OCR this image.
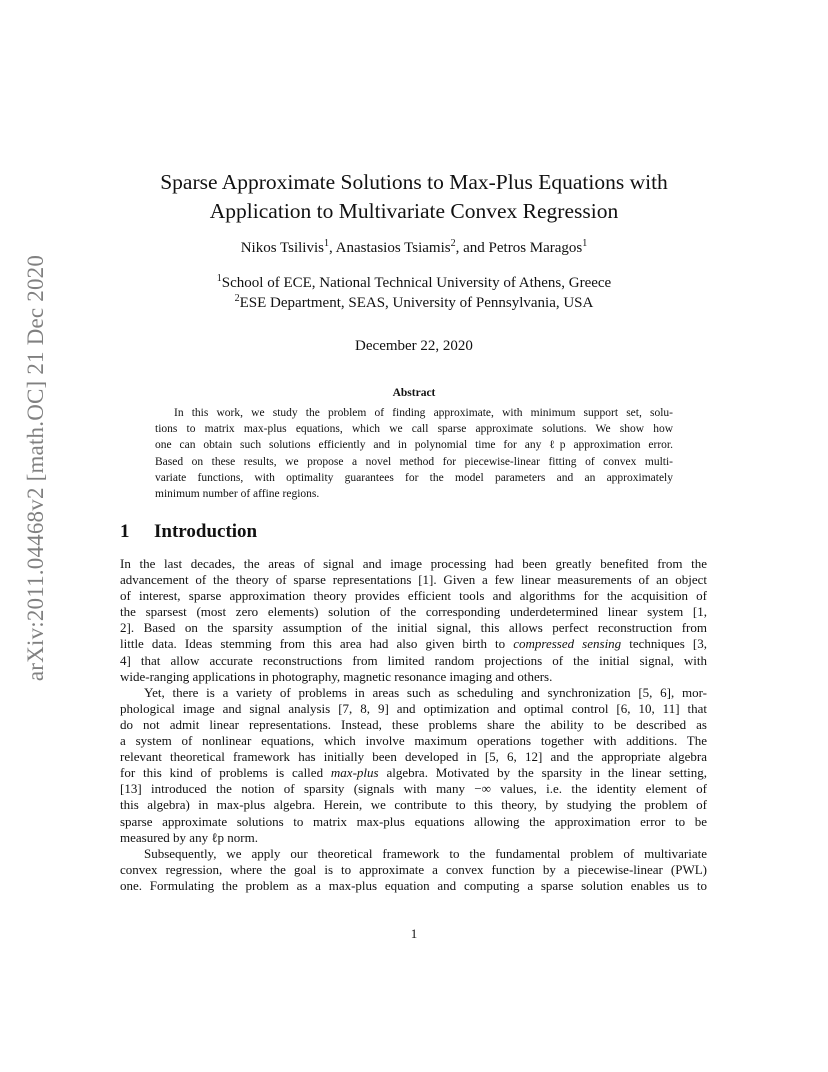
arXiv:2011.04468v2 [math.OC] 21 Dec 2020
Sparse Approximate Solutions to Max-Plus Equations with
Application to Multivariate Convex Regression
Nikos Tsilivis$^1$, Anastasios Tsiamis$^2$, and Petros Maragos$^1$
$^1$School of ECE, National Technical University of Athens, Greece
$^2$ESE Department, SEAS, University of Pennsylvania, USA
December 22, 2020
Abstract
In this work, we study the problem of finding approximate, with minimum support set, solu-
tions to matrix max-plus equations, which we call sparse approximate solutions. We show how
one can obtain such solutions efficiently and in polynomial time for any ℓp approximation error.
Based on these results, we propose a novel method for piecewise-linear fitting of convex multi-
variate functions, with optimality guarantees for the model parameters and an approximately
minimum number of affine regions.
1 Introduction
In the last decades, the areas of signal and image processing had been greatly benefited from the
advancement of the theory of sparse representations [1]. Given a few linear measurements of an object
of interest, sparse approximation theory provides efficient tools and algorithms for the acquisition of
the sparsest (most zero elements) solution of the corresponding underdetermined linear system [1,
2]. Based on the sparsity assumption of the initial signal, this allows perfect reconstruction from
little data. Ideas stemming from this area had also given birth to compressed sensing techniques [3,
4] that allow accurate reconstructions from limited random projections of the initial signal, with
wide-ranging applications in photography, magnetic resonance imaging and others.
Yet, there is a variety of problems in areas such as scheduling and synchronization [5, 6], mor-
phological image and signal analysis [7, 8, 9] and optimization and optimal control [6, 10, 11] that
do not admit linear representations. Instead, these problems share the ability to be described as
a system of nonlinear equations, which involve maximum operations together with additions. The
relevant theoretical framework has initially been developed in [5, 6, 12] and the appropriate algebra
for this kind of problems is called max-plus algebra. Motivated by the sparsity in the linear setting,
[13] introduced the notion of sparsity (signals with many −∞ values, i.e. the identity element of
this algebra) in max-plus algebra. Herein, we contribute to this theory, by studying the problem of
sparse approximate solutions to matrix max-plus equations allowing the approximation error to be
measured by any ℓp norm.
Subsequently, we apply our theoretical framework to the fundamental problem of multivariate
convex regression, where the goal is to approximate a convex function by a piecewise-linear (PWL)
one. Formulating the problem as a max-plus equation and computing a sparse solution enables us to
1
